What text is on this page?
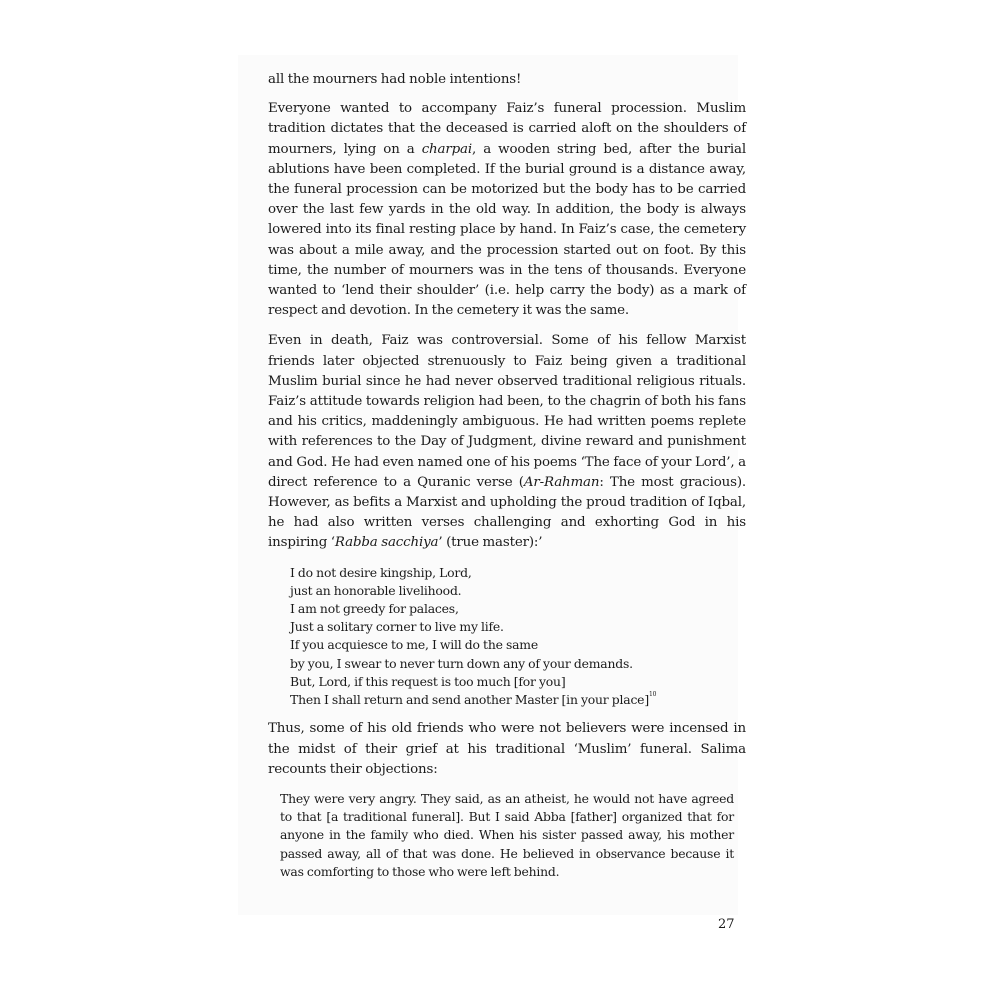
all the mourners had noble intentions!

Everyone wanted to accompany Faiz’s funeral procession. Muslim tradition dictates that the deceased is carried aloft on the shoulders of mourners, lying on a charpai, a wooden string bed, after the burial ablutions have been completed. If the burial ground is a distance away, the funeral procession can be motorized but the body has to be carried over the last few yards in the old way. In addition, the body is always lowered into its final resting place by hand. In Faiz’s case, the cemetery was about a mile away, and the procession started out on foot. By this time, the number of mourners was in the tens of thousands. Everyone wanted to ‘lend their shoulder’ (i.e. help carry the body) as a mark of respect and devotion. In the cemetery it was the same.

Even in death, Faiz was controversial. Some of his fellow Marxist friends later objected strenuously to Faiz being given a traditional Muslim burial since he had never observed traditional religious rituals. Faiz’s attitude towards religion had been, to the chagrin of both his fans and his critics, maddeningly ambiguous. He had written poems replete with references to the Day of Judgment, divine reward and punishment and God. He had even named one of his poems ‘The face of your Lord’, a direct reference to a Quranic verse (Ar-Rahman: The most gracious). However, as befits a Marxist and upholding the proud tradition of Iqbal, he had also written verses challenging and exhorting God in his inspiring ‘Rabba sacchiya’ (true master):’

I do not desire kingship, Lord,
just an honorable livelihood.
I am not greedy for palaces,
Just a solitary corner to live my life.
If you acquiesce to me, I will do the same
by you, I swear to never turn down any of your demands.
But, Lord, if this request is too much [for you]
Then I shall return and send another Master [in your place]$^{10}$

Thus, some of his old friends who were not believers were incensed in the midst of their grief at his traditional ‘Muslim’ funeral. Salima recounts their objections:

They were very angry. They said, as an atheist, he would not have agreed to that [a traditional funeral]. But I said Abba [father] organized that for anyone in the family who died. When his sister passed away, his mother passed away, all of that was done. He believed in observance because it was comforting to those who were left behind.
27
